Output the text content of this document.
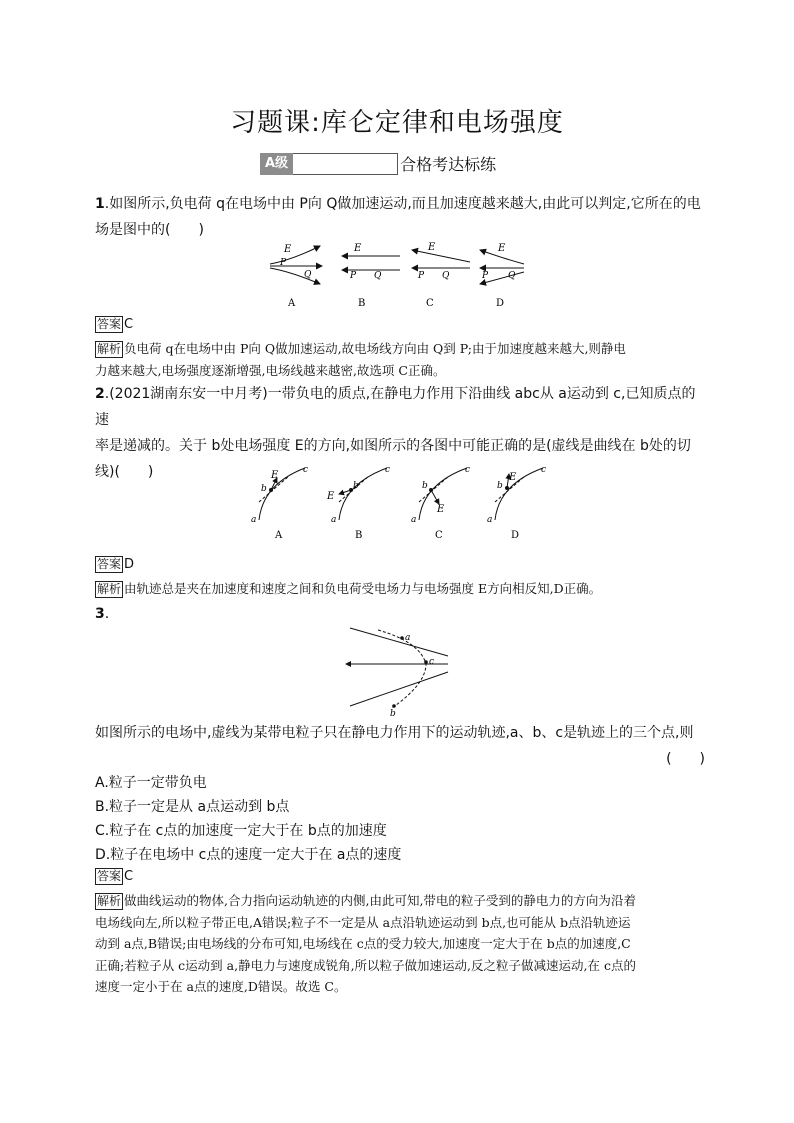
习题课:库仑定律和电场强度
A级	合格考达标练
1.如图所示,负电荷 q在电场中由 P向 Q做加速运动,而且加速度越来越大,由此可以判定,它所在的电
场是图中的(　　)
E
P
Q
A
E
P Q
B
E
P Q
C
E
P Q
D
答案 C
解析 负电荷 q在电场中由 P向 Q做加速运动,故电场线方向由 Q到 P;由于加速度越来越大,则静电
力越来越大,电场强度逐渐增强,电场线越来越密,故选项 C正确。
2.(2021湖南东安一中月考)一带负电的质点,在静电力作用下沿曲线 abc从 a运动到 c,已知质点的速
率是递减的。关于 b处电场强度 E的方向,如图所示的各图中可能正确的是(虚线是曲线在 b处的切
线)(　　)	E
b
c
a
A
E
b
c
a
B
E
b
c
a
C
E
b
c
a
D
答案 D
解析 由轨迹总是夹在加速度和速度之间和负电荷受电场力与电场强度 E方向相反知,D正确。
3.
a
c
b
如图所示的电场中,虚线为某带电粒子只在静电力作用下的运动轨迹,a、b、c是轨迹上的三个点,则
(　　)
A.粒子一定带负电
B.粒子一定是从 a点运动到 b点
C.粒子在 c点的加速度一定大于在 b点的加速度
D.粒子在电场中 c点的速度一定大于在 a点的速度
答案 C
解析 做曲线运动的物体,合力指向运动轨迹的内侧,由此可知,带电的粒子受到的静电力的方向为沿着
电场线向左,所以粒子带正电,A错误;粒子不一定是从 a点沿轨迹运动到 b点,也可能从 b点沿轨迹运
动到 a点,B错误;由电场线的分布可知,电场线在 c点的受力较大,加速度一定大于在 b点的加速度,C
正确;若粒子从 c运动到 a,静电力与速度成锐角,所以粒子做加速运动,反之粒子做减速运动,在 c点的
速度一定小于在 a点的速度,D错误。故选 C。
